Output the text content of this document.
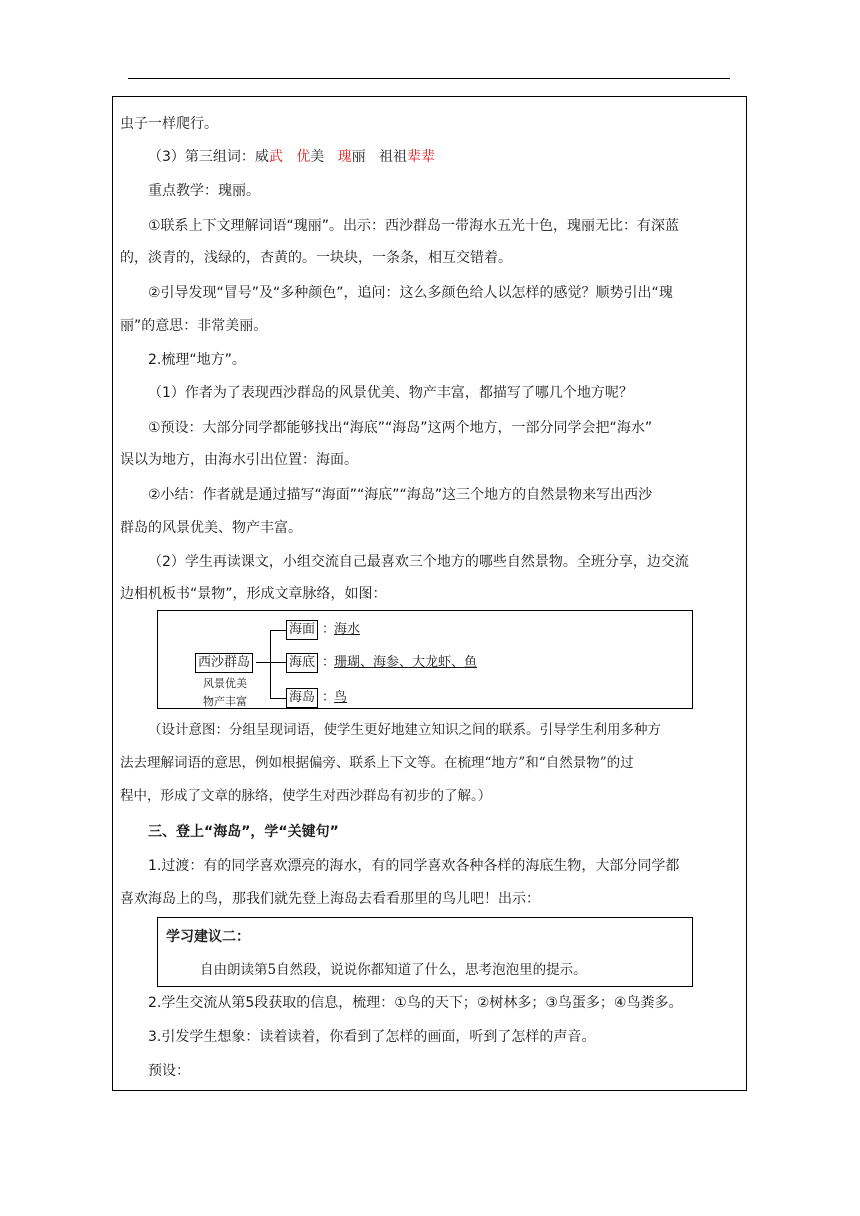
虫子一样爬行。
（3）第三组词：威武 优美 瑰丽 祖祖辈辈
重点教学：瑰丽。
①联系上下文理解词语“瑰丽”。出示：西沙群岛一带海水五光十色，瑰丽无比：有深蓝
的，淡青的，浅绿的，杏黄的。一块块，一条条，相互交错着。
②引导发现“冒号”及“多种颜色”，追问：这么多颜色给人以怎样的感觉？顺势引出“瑰
丽”的意思：非常美丽。
2.梳理“地方”。
（1）作者为了表现西沙群岛的风景优美、物产丰富，都描写了哪几个地方呢？
①预设：大部分同学都能够找出“海底”“海岛”这两个地方，一部分同学会把“海水”
误以为地方，由海水引出位置：海面。
②小结：作者就是通过描写“海面”“海底”“海岛”这三个地方的自然景物来写出西沙
群岛的风景优美、物产丰富。
（2）学生再读课文，小组交流自己最喜欢三个地方的哪些自然景物。全班分享，边交流
边相机板书“景物”，形成文章脉络，如图：
西沙群岛
风景优美
物产丰富
海面 ：
海水
海底 ：
珊瑚、海参、大龙虾、鱼
海岛 ：
鸟
（设计意图：分组呈现词语，使学生更好地建立知识之间的联系。引导学生利用多种方
法去理解词语的意思，例如根据偏旁、联系上下文等。在梳理“地方”和“自然景物”的过
程中，形成了文章的脉络，使学生对西沙群岛有初步的了解。）
三、登上“海岛”，学“关键句”
1.过渡：有的同学喜欢漂亮的海水，有的同学喜欢各种各样的海底生物，大部分同学都
喜欢海岛上的鸟，那我们就先登上海岛去看看那里的鸟儿吧！出示：
学习建议二：
自由朗读第5自然段，说说你都知道了什么，思考泡泡里的提示。
2.学生交流从第5段获取的信息，梳理：①鸟的天下；②树林多；③鸟蛋多；④鸟粪多。
3.引发学生想象：读着读着，你看到了怎样的画面，听到了怎样的声音。
预设：
